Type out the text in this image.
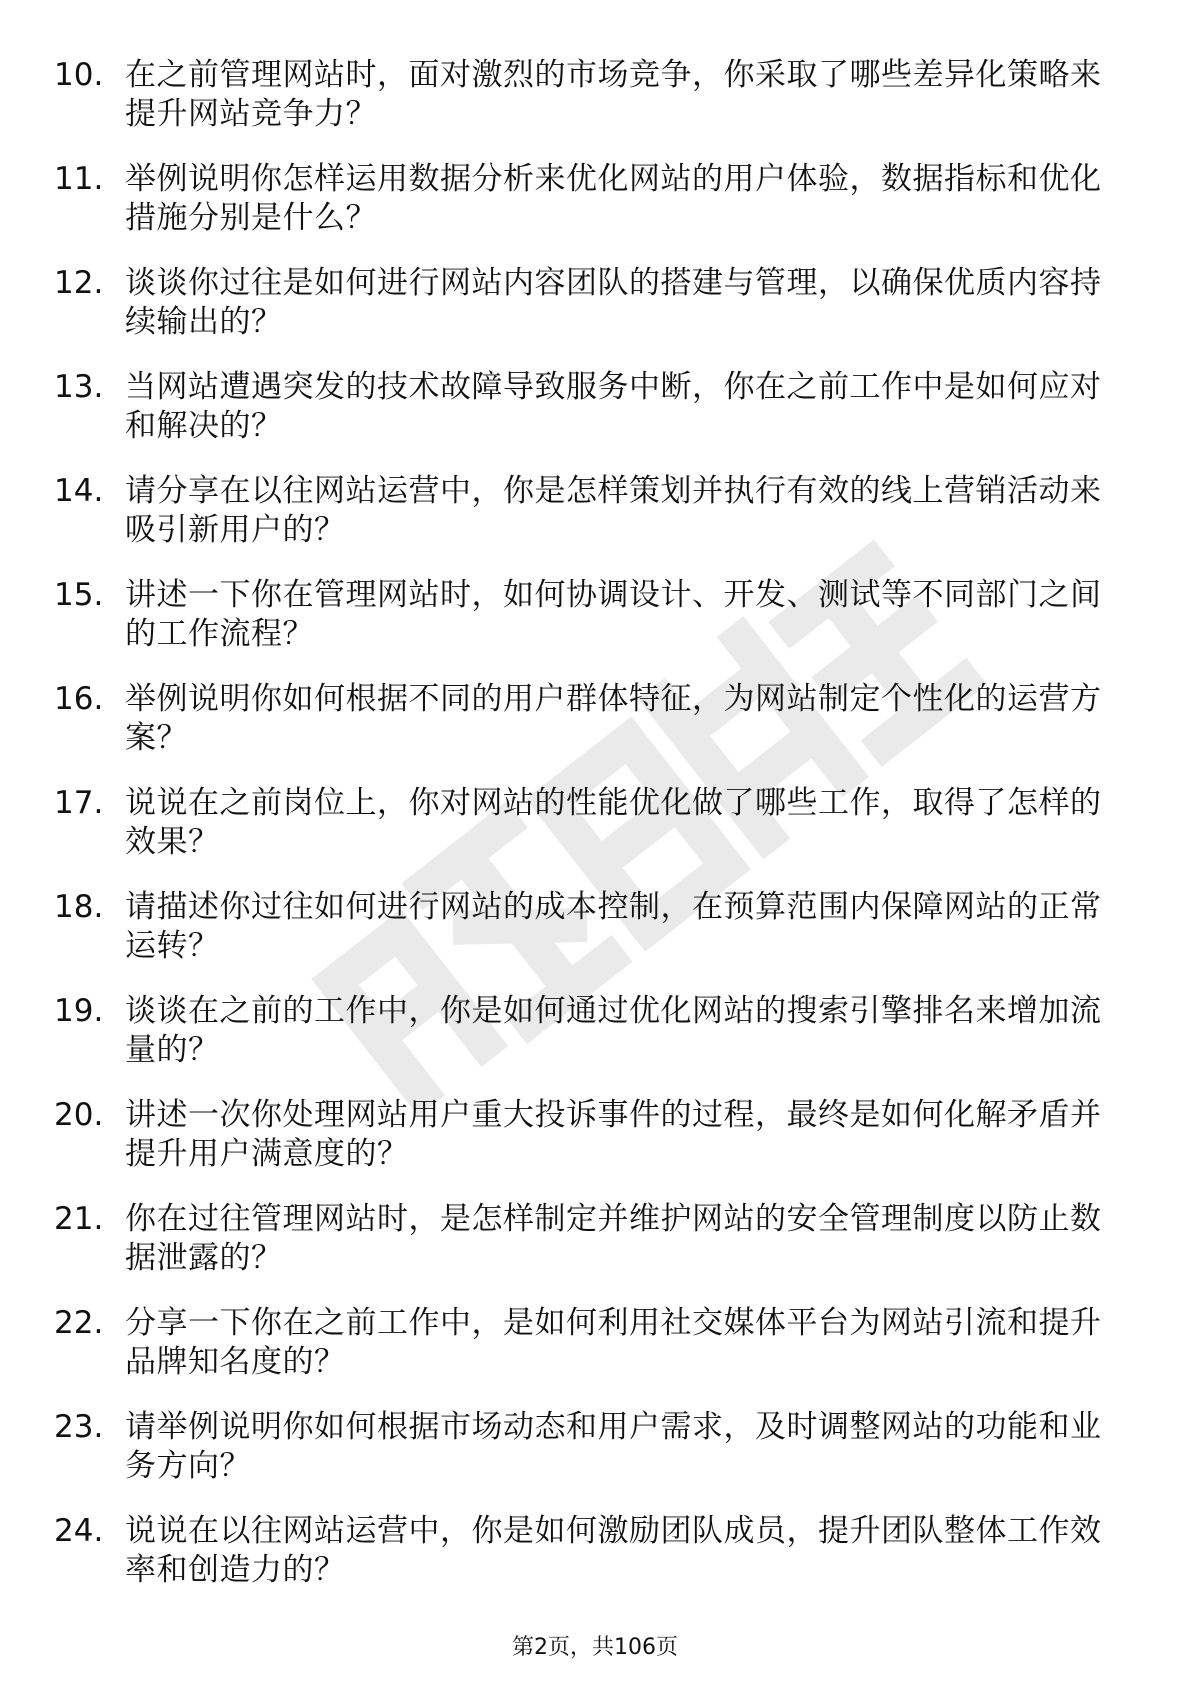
10. 在之前管理网站时，面对激烈的市场竞争，你采取了哪些差异化策略来提升网站竞争力？
11. 举例说明你怎样运用数据分析来优化网站的用户体验，数据指标和优化措施分别是什么？
12. 谈谈你过往是如何进行网站内容团队的搭建与管理，以确保优质内容持续输出的？
13. 当网站遭遇突发的技术故障导致服务中断，你在之前工作中是如何应对和解决的？
14. 请分享在以往网站运营中，你是怎样策划并执行有效的线上营销活动来吸引新用户的？
15. 讲述一下你在管理网站时，如何协调设计、开发、测试等不同部门之间的工作流程？
16. 举例说明你如何根据不同的用户群体特征，为网站制定个性化的运营方案？
17. 说说在之前岗位上，你对网站的性能优化做了哪些工作，取得了怎样的效果？
18. 请描述你过往如何进行网站的成本控制，在预算范围内保障网站的正常运转？
19. 谈谈在之前的工作中，你是如何通过优化网站的搜索引擎排名来增加流量的？
20. 讲述一次你处理网站用户重大投诉事件的过程，最终是如何化解矛盾并提升用户满意度的？
21. 你在过往管理网站时，是怎样制定并维护网站的安全管理制度以防止数据泄露的？
22. 分享一下你在之前工作中，是如何利用社交媒体平台为网站引流和提升品牌知名度的？
23. 请举例说明你如何根据市场动态和用户需求，及时调整网站的功能和业务方向？
24. 说说在以往网站运营中，你是如何激励团队成员，提升团队整体工作效率和创造力的？
第2页，共106页
